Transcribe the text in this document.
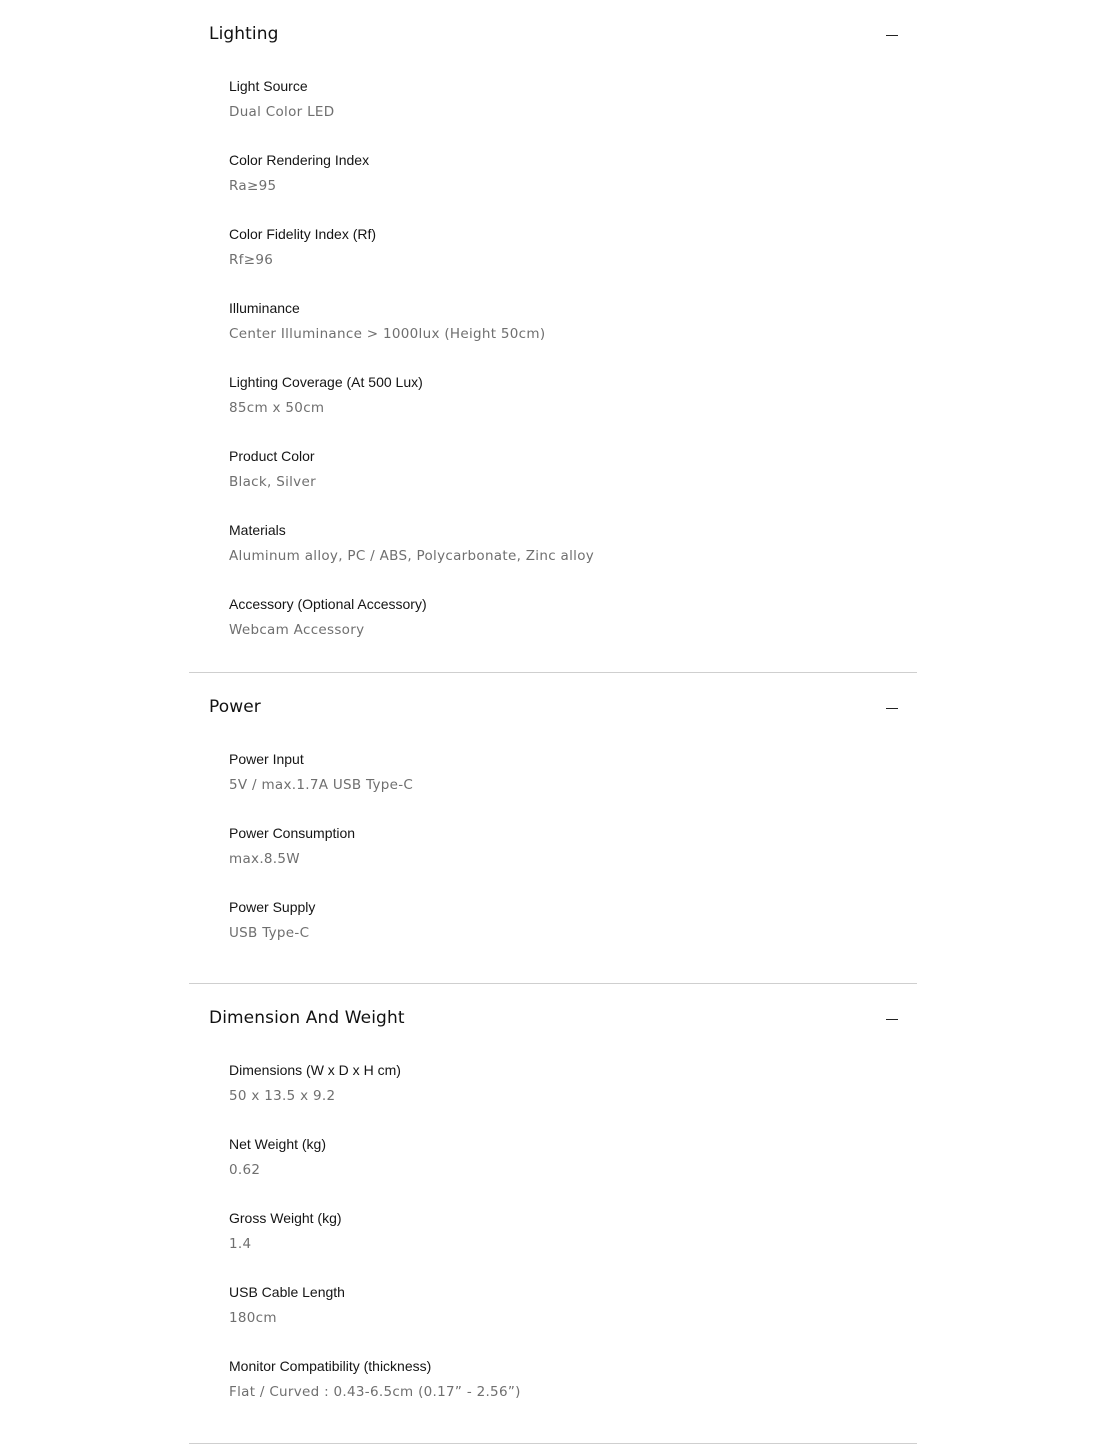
Lighting
Light Source
Dual Color LED
Color Rendering Index
Ra≥95
Color Fidelity Index (Rf)
Rf≥96
Illuminance
Center Illuminance > 1000lux (Height 50cm)
Lighting Coverage (At 500 Lux)
85cm x 50cm
Product Color
Black, Silver
Materials
Aluminum alloy, PC / ABS, Polycarbonate, Zinc alloy
Accessory (Optional Accessory)
Webcam Accessory
Power
Power Input
5V / max.1.7A USB Type-C
Power Consumption
max.8.5W
Power Supply
USB Type-C
Dimension And Weight
Dimensions (W x D x H cm)
50 x 13.5 x 9.2
Net Weight (kg)
0.62
Gross Weight (kg)
1.4
USB Cable Length
180cm
Monitor Compatibility (thickness)
Flat / Curved : 0.43-6.5cm (0.17” - 2.56”)
